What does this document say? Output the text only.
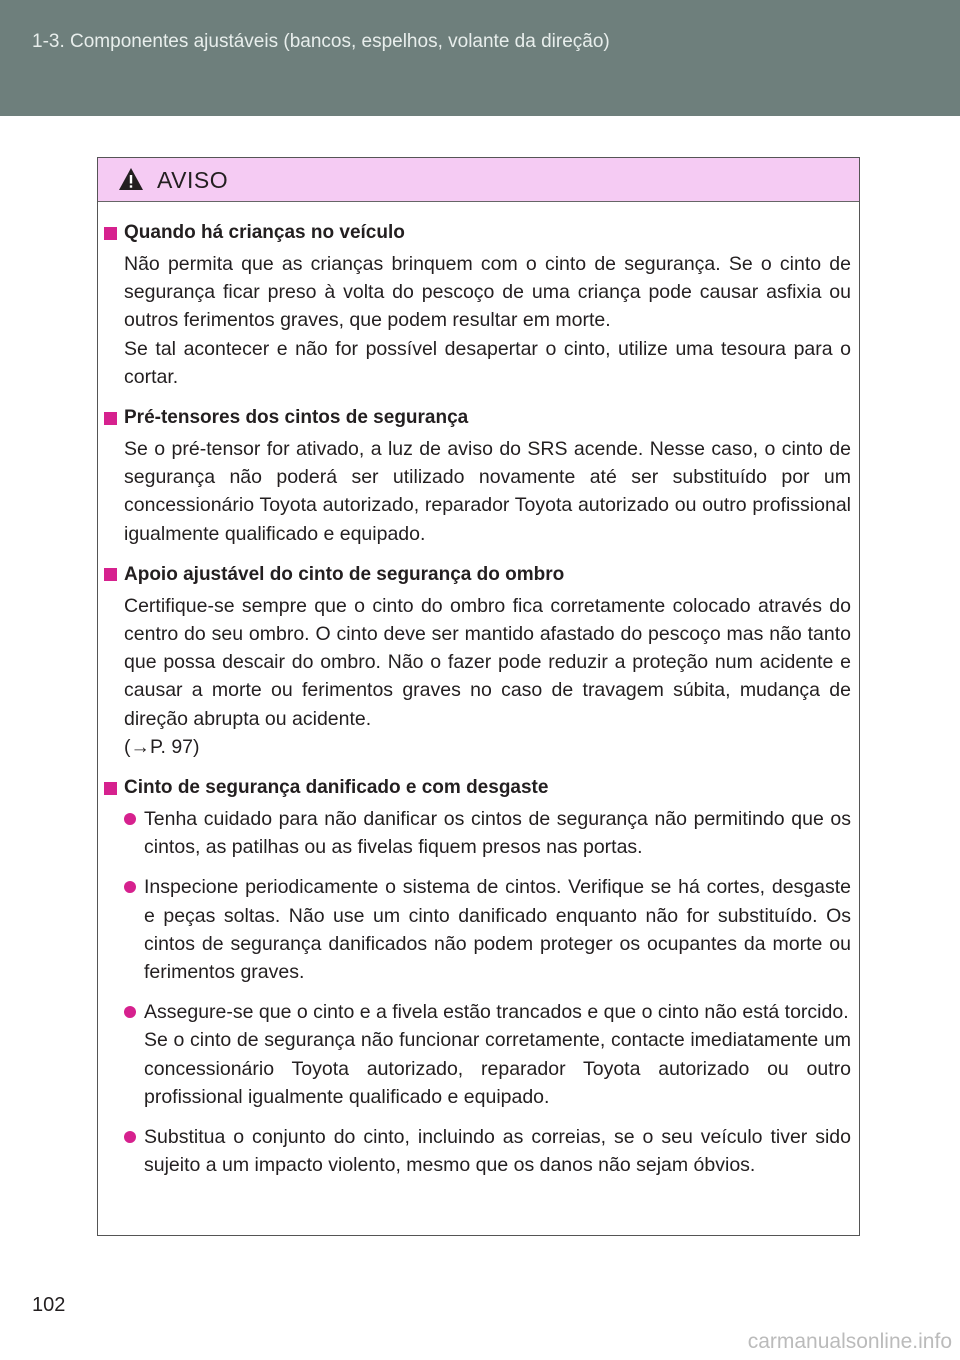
1-3. Componentes ajustáveis (bancos, espelhos, volante da direção)
AVISO
Quando há crianças no veículo
Não permita que as crianças brinquem com o cinto de segurança. Se o cinto de segurança ficar preso à volta do pescoço de uma criança pode causar asfixia ou outros ferimentos graves, que podem resultar em morte.
Se tal acontecer e não for possível desapertar o cinto, utilize uma tesoura para o cortar.
Pré-tensores dos cintos de segurança
Se o pré-tensor for ativado, a luz de aviso do SRS acende. Nesse caso, o cinto de segurança não poderá ser utilizado novamente até ser substituído por um concessionário Toyota autorizado, reparador Toyota autorizado ou outro profissional igualmente qualificado e equipado.
Apoio ajustável do cinto de segurança do ombro
Certifique-se sempre que o cinto do ombro fica corretamente colocado através do centro do seu ombro. O cinto deve ser mantido afastado do pescoço mas não tanto que possa descair do ombro. Não o fazer pode reduzir a proteção num acidente e causar a morte ou ferimentos graves no caso de travagem súbita, mudança de direção abrupta ou acidente.
(→P. 97)
Cinto de segurança danificado e com desgaste
Tenha cuidado para não danificar os cintos de segurança não permitindo que os cintos, as patilhas ou as fivelas fiquem presos nas portas.
Inspecione periodicamente o sistema de cintos. Verifique se há cortes, desgaste e peças soltas. Não use um cinto danificado enquanto não for substituído. Os cintos de segurança danificados não podem proteger os ocupantes da morte ou ferimentos graves.
Assegure-se que o cinto e a fivela estão trancados e que o cinto não está torcido.
Se o cinto de segurança não funcionar corretamente, contacte imediatamente um concessionário Toyota autorizado, reparador Toyota autorizado ou outro profissional igualmente qualificado e equipado.
Substitua o conjunto do cinto, incluindo as correias, se o seu veículo tiver sido sujeito a um impacto violento, mesmo que os danos não sejam óbvios.
102
carmanualsonline.info
